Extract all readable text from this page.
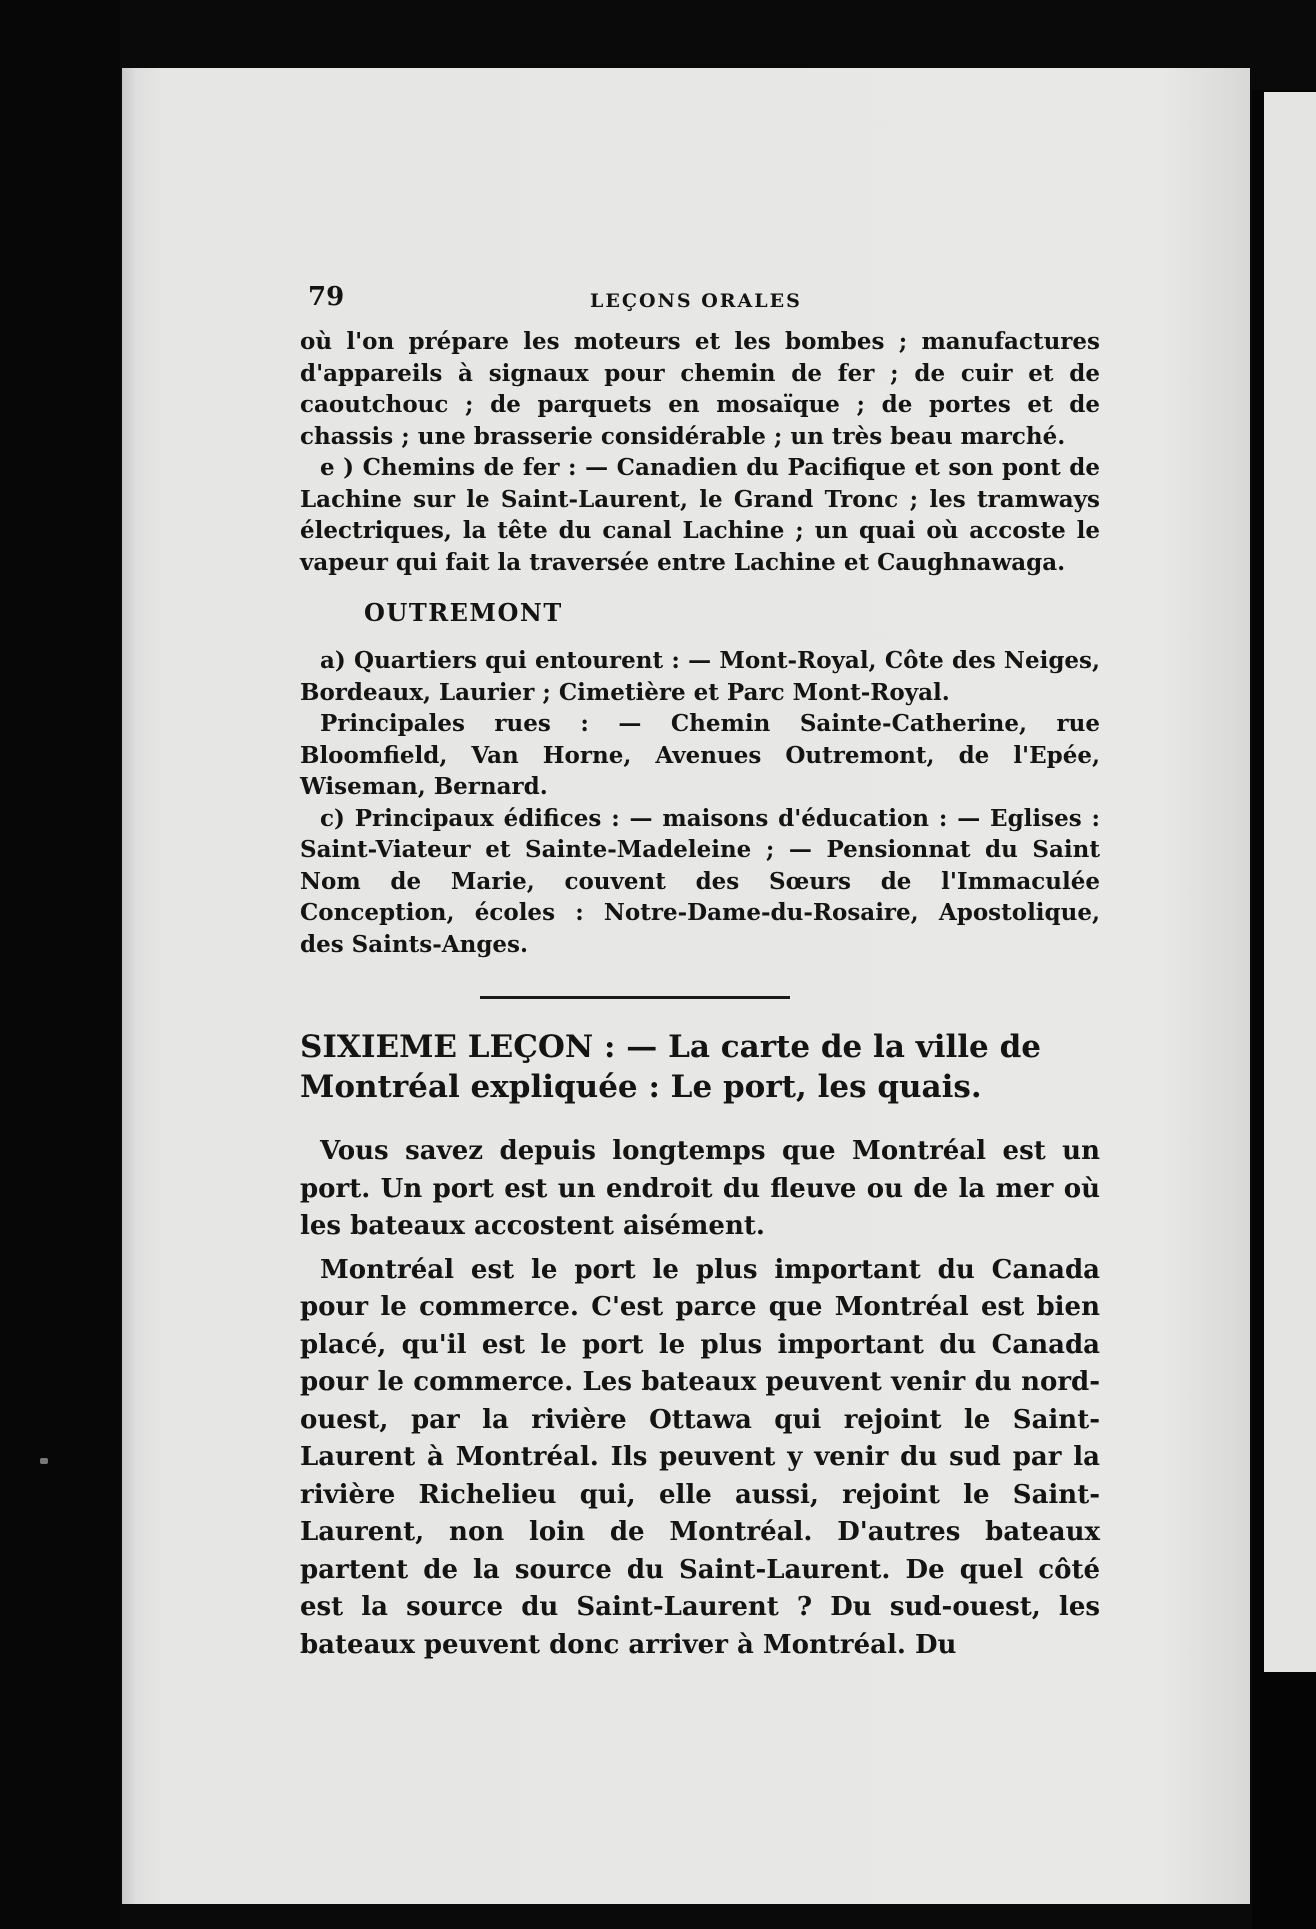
79	LEÇONS ORALES

où l'on prépare les moteurs et les bombes ; manufactures d'appareils à signaux pour chemin de fer ; de cuir et de caoutchouc ; de parquets en mosaïque ; de portes et de chassis ; une brasserie considérable ; un très beau marché.

e ) Chemins de fer : — Canadien du Pacifique et son pont de Lachine sur le Saint-Laurent, le Grand Tronc ; les tramways électriques, la tête du canal Lachine ; un quai où accoste le vapeur qui fait la traversée entre Lachine et Caughnawaga.

OUTREMONT

a) Quartiers qui entourent : — Mont-Royal, Côte des Neiges, Bordeaux, Laurier ; Cimetière et Parc Mont-Royal.

Principales rues : — Chemin Sainte-Catherine, rue Bloomfield, Van Horne, Avenues Outremont, de l'Epée, Wiseman, Bernard.

c) Principaux édifices : — maisons d'éducation : — Eglises : Saint-Viateur et Sainte-Madeleine ; — Pensionnat du Saint Nom de Marie, couvent des Sœurs de l'Immaculée Conception, écoles : Notre-Dame-du-Rosaire, Apostolique, des Saints-Anges.

SIXIEME LEÇON : — La carte de la ville de Montréal expliquée : Le port, les quais.

Vous savez depuis longtemps que Montréal est un port. Un port est un endroit du fleuve ou de la mer où les bateaux accostent aisément.

Montréal est le port le plus important du Canada pour le commerce. C'est parce que Montréal est bien placé, qu'il est le port le plus important du Canada pour le commerce. Les bateaux peuvent venir du nord-ouest, par la rivière Ottawa qui rejoint le Saint-Laurent à Montréal. Ils peuvent y venir du sud par la rivière Richelieu qui, elle aussi, rejoint le Saint-Laurent, non loin de Montréal. D'autres bateaux partent de la source du Saint-Laurent. De quel côté est la source du Saint-Laurent ? Du sud-ouest, les bateaux peuvent donc arriver à Montréal. Du
